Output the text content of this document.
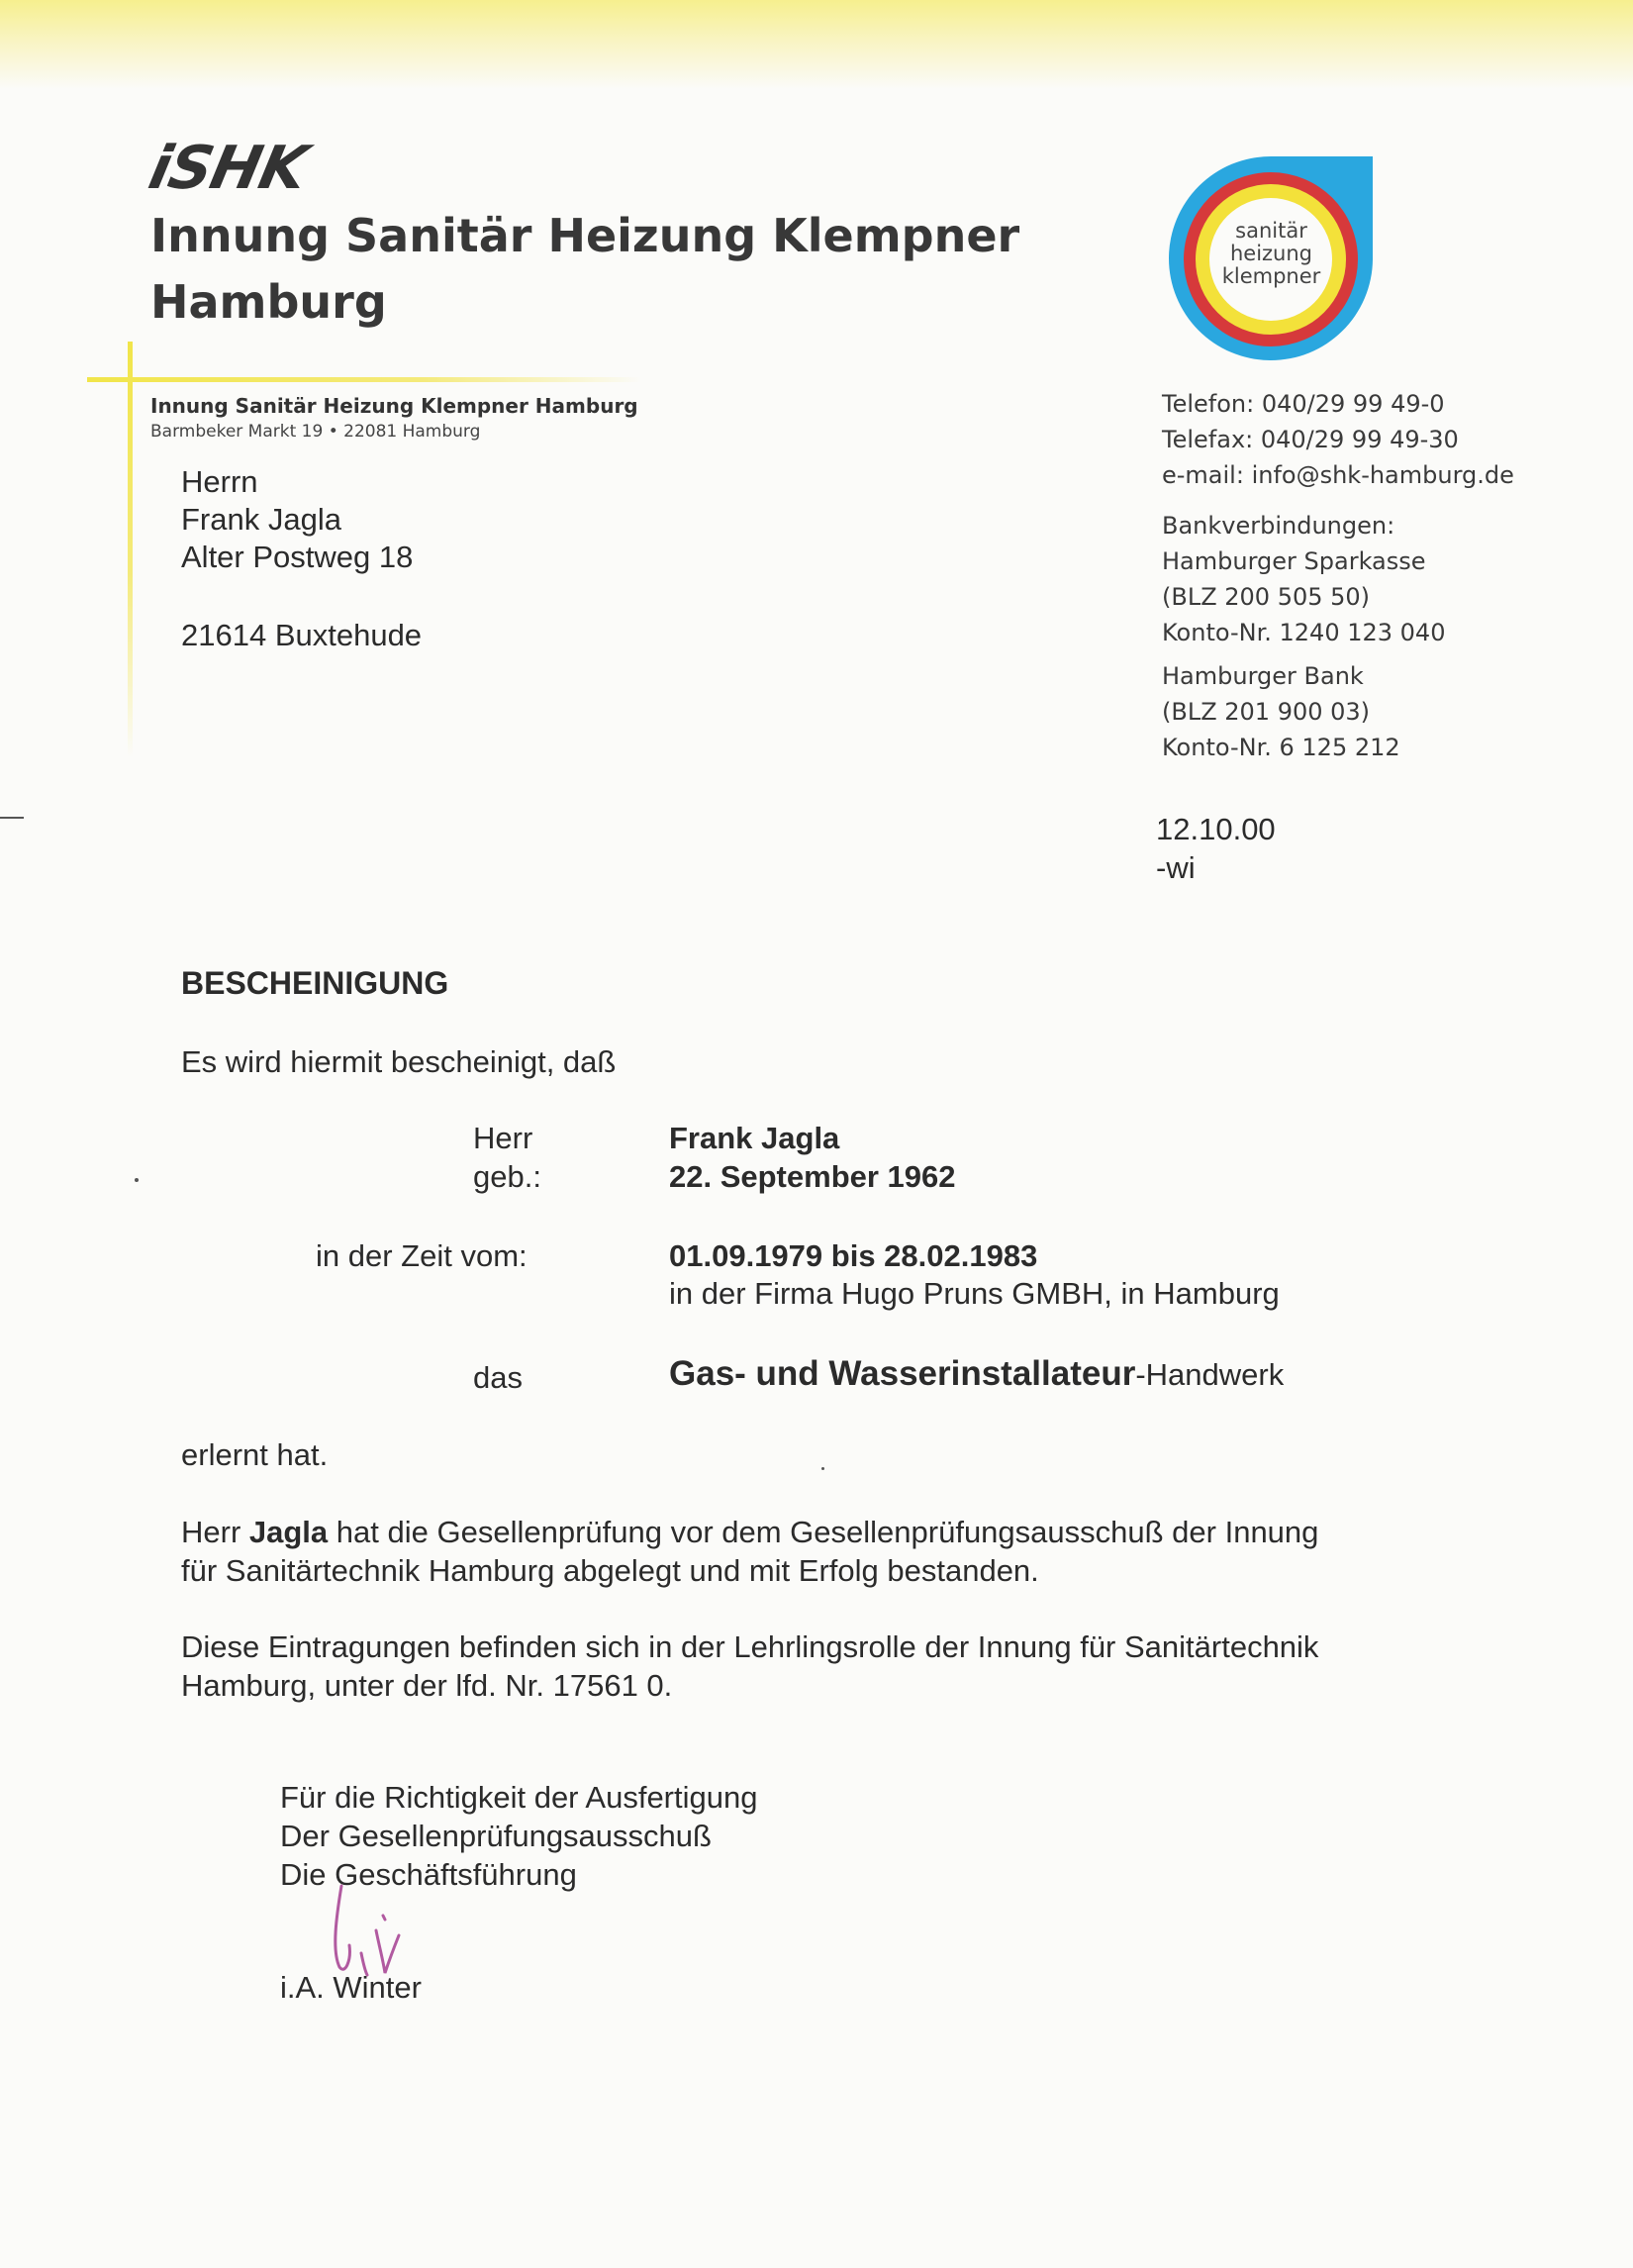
iSHK
Innung Sanitär Heizung Klempner
Hamburg
Innung Sanitär Heizung Klempner Hamburg
Barmbeker Markt 19 • 22081 Hamburg
Herrn
Frank Jagla
Alter Postweg 18
21614 Buxtehude
sanitär
heizung
klempner
Telefon: 040/29 99 49-0
Telefax: 040/29 99 49-30
e-mail: info@shk-hamburg.de
Bankverbindungen:
Hamburger Sparkasse
(BLZ 200 505 50)
Konto-Nr. 1240 123 040
Hamburger Bank
(BLZ 201 900 03)
Konto-Nr. 6 125 212
12.10.00
-wi
BESCHEINIGUNG
Es wird hiermit bescheinigt, daß
Herr	Frank Jagla
geb.:	22. September 1962
in der Zeit vom:	01.09.1979 bis 28.02.1983
in der Firma Hugo Pruns GMBH, in Hamburg
das	Gas- und Wasserinstallateur-Handwerk
erlernt hat.
Herr Jagla hat die Gesellenprüfung vor dem Gesellenprüfungsausschuß der Innung
für Sanitärtechnik Hamburg abgelegt und mit Erfolg bestanden.
Diese Eintragungen befinden sich in der Lehrlingsrolle der Innung für Sanitärtechnik
Hamburg, unter der lfd. Nr. 17561 0.
Für die Richtigkeit der Ausfertigung
Der Gesellenprüfungsausschuß
Die Geschäftsführung
i.A. Winter
